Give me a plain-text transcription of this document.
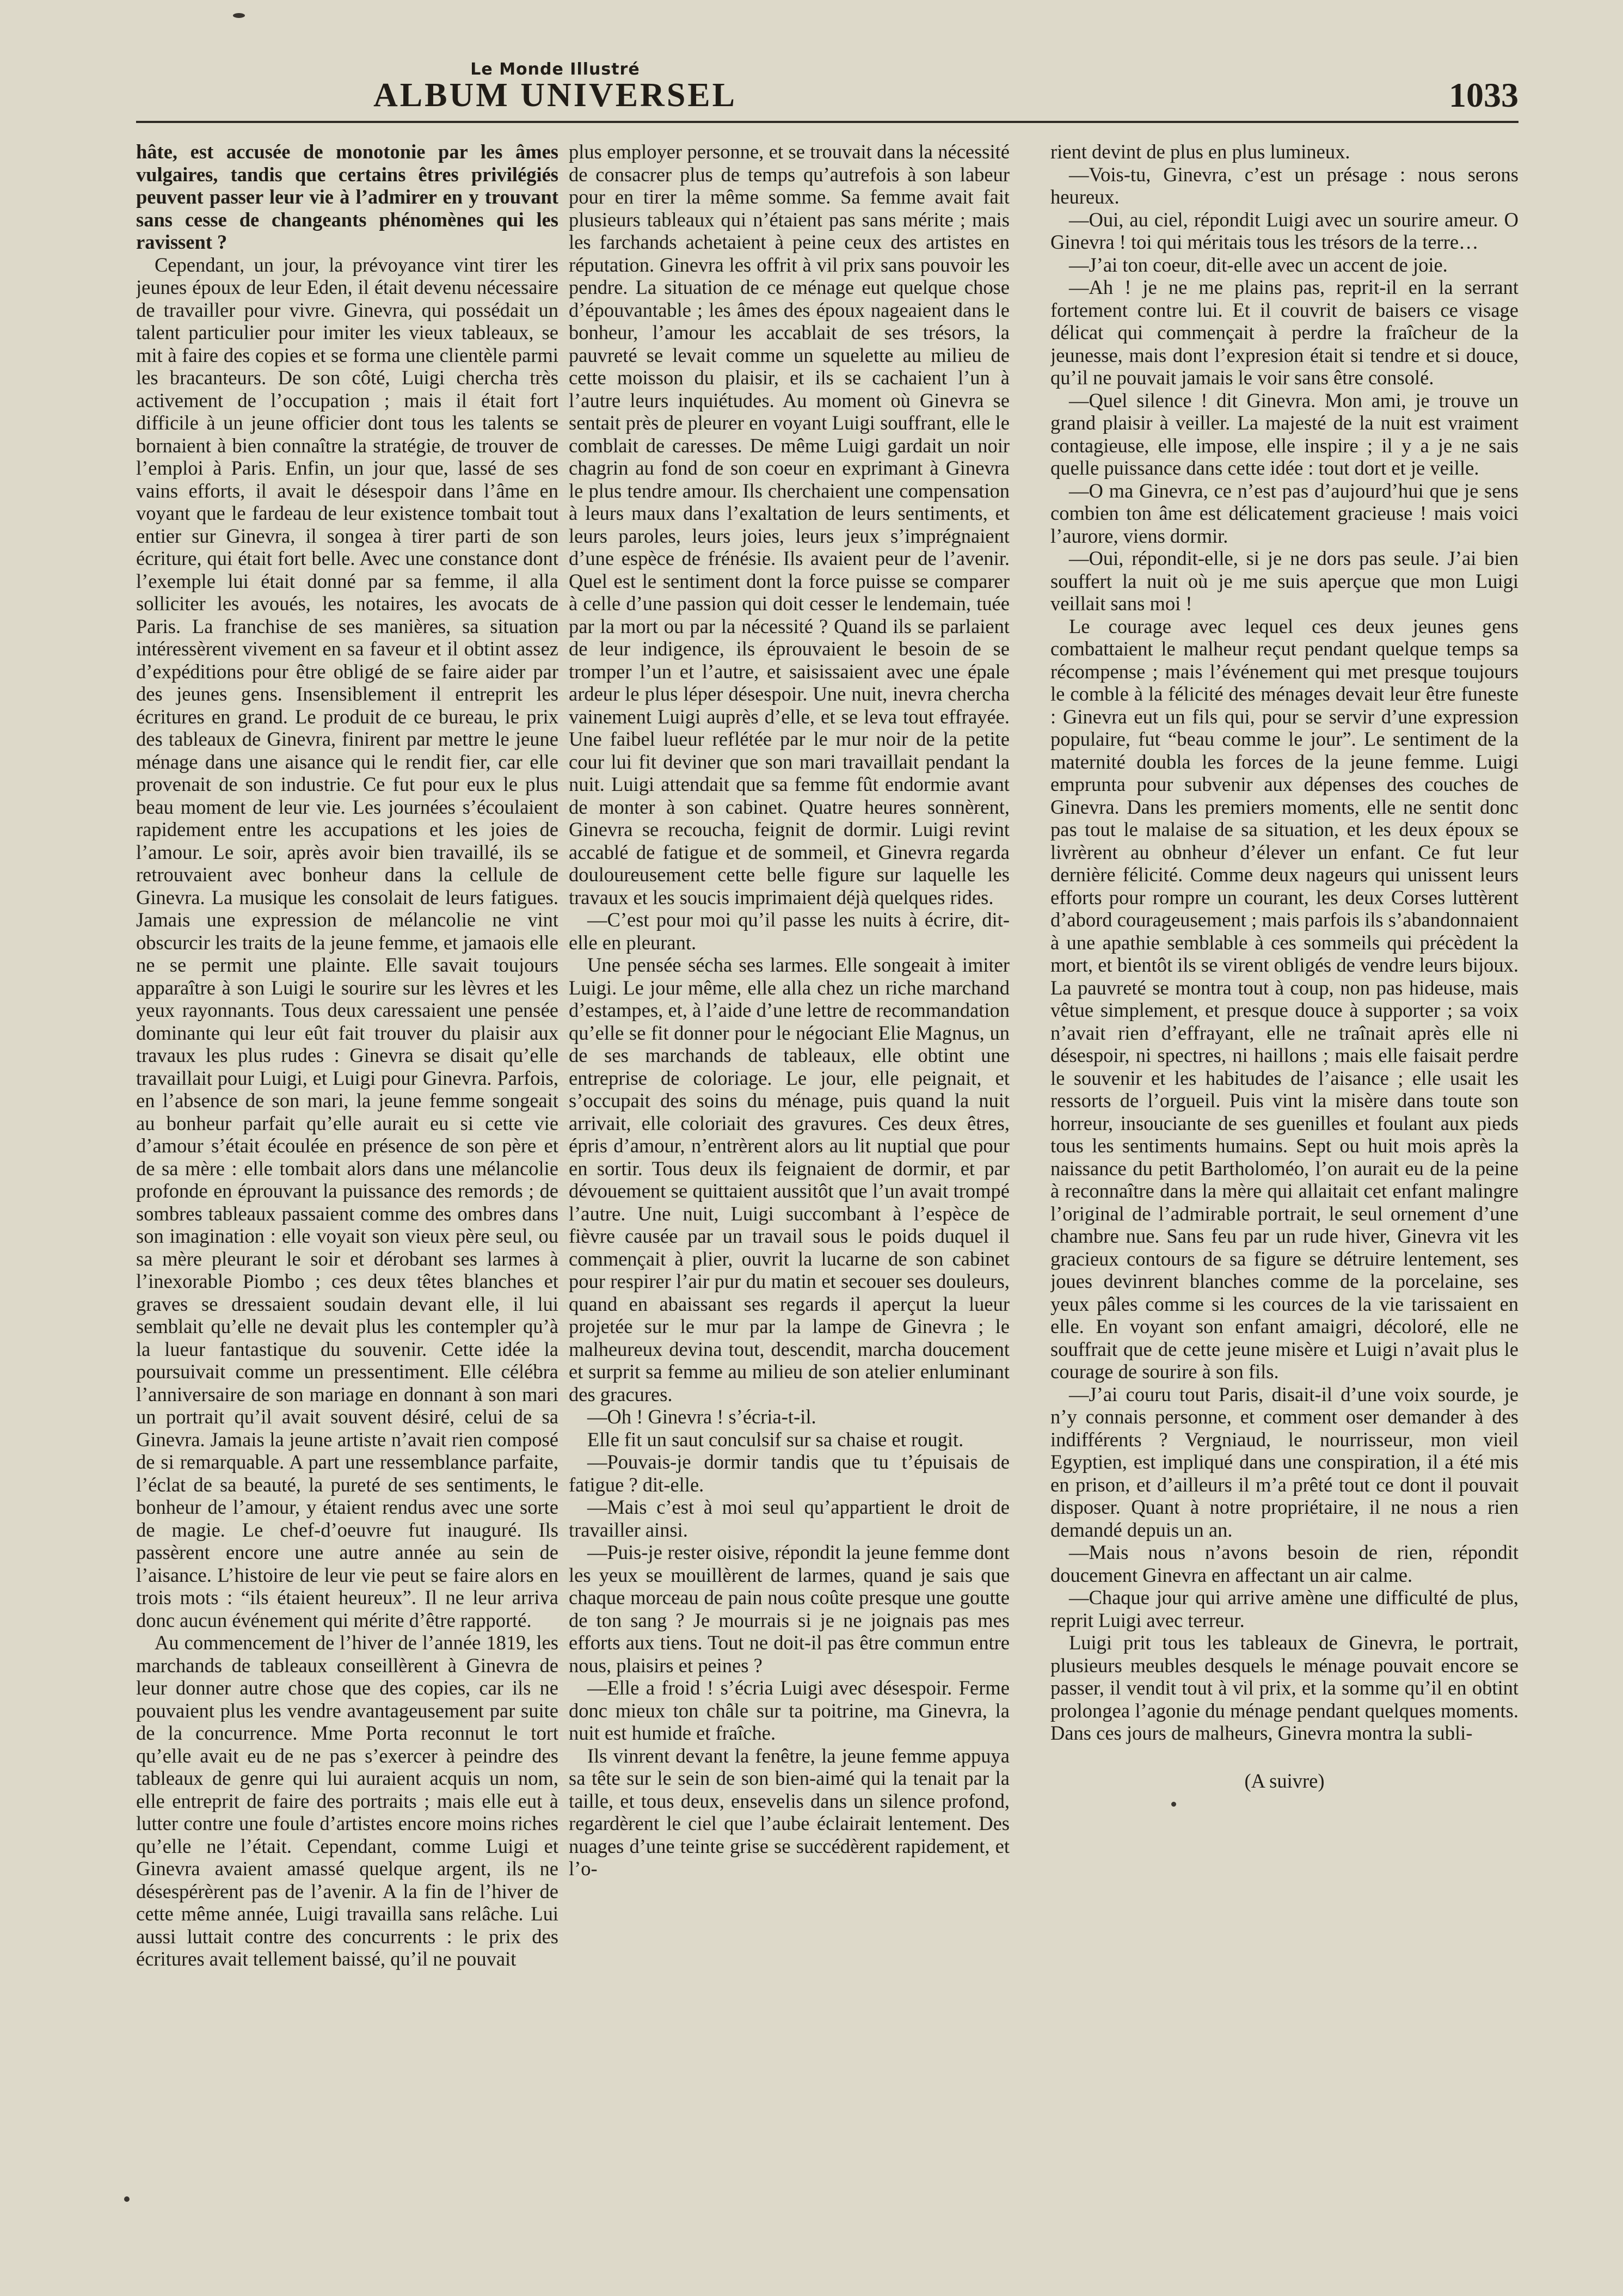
Le Monde Illustré
ALBUM UNIVERSEL	1033

hâte, est accusée de monotonie par les âmes vulgaires, tandis que certains êtres privilégiés peuvent passer leur vie à l’admirer en y trouvant sans cesse de changeants phénomènes qui les ravissent ?

Cependant, un jour, la prévoyance vint tirer les jeunes époux de leur Eden, il était devenu nécessaire de travailler pour vivre. Ginevra, qui possédait un talent particulier pour imiter les vieux tableaux, se mit à faire des copies et se forma une clientèle parmi les bracanteurs. De son côté, Luigi chercha très activement de l’occupation ; mais il était fort difficile à un jeune officier dont tous les talents se bornaient à bien connaître la stratégie, de trouver de l’emploi à Paris. Enfin, un jour que, lassé de ses vains efforts, il avait le désespoir dans l’âme en voyant que le fardeau de leur existence tombait tout entier sur Ginevra, il songea à tirer parti de son écriture, qui était fort belle. Avec une constance dont l’exemple lui était donné par sa femme, il alla solliciter les avoués, les notaires, les avocats de Paris. La franchise de ses manières, sa situation intéressèrent vivement en sa faveur et il obtint assez d’expéditions pour être obligé de se faire aider par des jeunes gens. Insensiblement il entreprit les écritures en grand. Le produit de ce bureau, le prix des tableaux de Ginevra, finirent par mettre le jeune ménage dans une aisance qui le rendit fier, car elle provenait de son industrie. Ce fut pour eux le plus beau moment de leur vie. Les journées s’écoulaient rapidement entre les accupations et les joies de l’amour. Le soir, après avoir bien travaillé, ils se retrouvaient avec bonheur dans la cellule de Ginevra. La musique les consolait de leurs fatigues. Jamais une expression de mélancolie ne vint obscurcir les traits de la jeune femme, et jamaois elle ne se permit une plainte. Elle savait toujours apparaître à son Luigi le sourire sur les lèvres et les yeux rayonnants. Tous deux caressaient une pensée dominante qui leur eût fait trouver du plaisir aux travaux les plus rudes : Ginevra se disait qu’elle travaillait pour Luigi, et Luigi pour Ginevra. Parfois, en l’absence de son mari, la jeune femme songeait au bonheur parfait qu’elle aurait eu si cette vie d’amour s’était écoulée en présence de son père et de sa mère : elle tombait alors dans une mélancolie profonde en éprouvant la puissance des remords ; de sombres tableaux passaient comme des ombres dans son imagination : elle voyait son vieux père seul, ou sa mère pleurant le soir et dérobant ses larmes à l’inexorable Piombo ; ces deux têtes blanches et graves se dressaient soudain devant elle, il lui semblait qu’elle ne devait plus les contempler qu’à la lueur fantastique du souvenir. Cette idée la poursuivait comme un pressentiment. Elle célébra l’anniversaire de son mariage en donnant à son mari un portrait qu’il avait souvent désiré, celui de sa Ginevra. Jamais la jeune artiste n’avait rien composé de si remarquable. A part une ressemblance parfaite, l’éclat de sa beauté, la pureté de ses sentiments, le bonheur de l’amour, y étaient rendus avec une sorte de magie. Le chef-d’oeuvre fut inauguré. Ils passèrent encore une autre année au sein de l’aisance. L’histoire de leur vie peut se faire alors en trois mots : “ils étaient heureux”. Il ne leur arriva donc aucun événement qui mérite d’être rapporté.

Au commencement de l’hiver de l’année 1819, les marchands de tableaux conseillèrent à Ginevra de leur donner autre chose que des copies, car ils ne pouvaient plus les vendre avantageusement par suite de la concurrence. Mme Porta reconnut le tort qu’elle avait eu de ne pas s’exercer à peindre des tableaux de genre qui lui auraient acquis un nom, elle entreprit de faire des portraits ; mais elle eut à lutter contre une foule d’artistes encore moins riches qu’elle ne l’était. Cependant, comme Luigi et Ginevra avaient amassé quelque argent, ils ne désespérèrent pas de l’avenir. A la fin de l’hiver de cette même année, Luigi travailla sans relâche. Lui aussi luttait contre des concurrents : le prix des écritures avait tellement baissé, qu’il ne pouvait

plus employer personne, et se trouvait dans la nécessité de consacrer plus de temps qu’autrefois à son labeur pour en tirer la même somme. Sa femme avait fait plusieurs tableaux qui n’étaient pas sans mérite ; mais les farchands achetaient à peine ceux des artistes en réputation. Ginevra les offrit à vil prix sans pouvoir les pendre. La situation de ce ménage eut quelque chose d’épouvantable ; les âmes des époux nageaient dans le bonheur, l’amour les accablait de ses trésors, la pauvreté se levait comme un squelette au milieu de cette moisson du plaisir, et ils se cachaient l’un à l’autre leurs inquiétudes. Au moment où Ginevra se sentait près de pleurer en voyant Luigi souffrant, elle le comblait de caresses. De même Luigi gardait un noir chagrin au fond de son coeur en exprimant à Ginevra le plus tendre amour. Ils cherchaient une compensation à leurs maux dans l’exaltation de leurs sentiments, et leurs paroles, leurs joies, leurs jeux s’imprégnaient d’une espèce de frénésie. Ils avaient peur de l’avenir. Quel est le sentiment dont la force puisse se comparer à celle d’une passion qui doit cesser le lendemain, tuée par la mort ou par la nécessité ? Quand ils se parlaient de leur indigence, ils éprouvaient le besoin de se tromper l’un et l’autre, et saisissaient avec une épale ardeur le plus léper désespoir. Une nuit, inevra chercha vainement Luigi auprès d’elle, et se leva tout effrayée. Une faibel lueur reflétée par le mur noir de la petite cour lui fit deviner que son mari travaillait pendant la nuit. Luigi attendait que sa femme fût endormie avant de monter à son cabinet. Quatre heures sonnèrent, Ginevra se recoucha, feignit de dormir. Luigi revint accablé de fatigue et de sommeil, et Ginevra regarda douloureusement cette belle figure sur laquelle les travaux et les soucis imprimaient déjà quelques rides.

—C’est pour moi qu’il passe les nuits à écrire, dit-elle en pleurant.

Une pensée sécha ses larmes. Elle songeait à imiter Luigi. Le jour même, elle alla chez un riche marchand d’estampes, et, à l’aide d’une lettre de recommandation qu’elle se fit donner pour le négociant Elie Magnus, un de ses marchands de tableaux, elle obtint une entreprise de coloriage. Le jour, elle peignait, et s’occupait des soins du ménage, puis quand la nuit arrivait, elle coloriait des gravures. Ces deux êtres, épris d’amour, n’entrèrent alors au lit nuptial que pour en sortir. Tous deux ils feignaient de dormir, et par dévouement se quittaient aussitôt que l’un avait trompé l’autre. Une nuit, Luigi succombant à l’espèce de fièvre causée par un travail sous le poids duquel il commençait à plier, ouvrit la lucarne de son cabinet pour respirer l’air pur du matin et secouer ses douleurs, quand en abaissant ses regards il aperçut la lueur projetée sur le mur par la lampe de Ginevra ; le malheureux devina tout, descendit, marcha doucement et surprit sa femme au milieu de son atelier enluminant des gracures.

—Oh ! Ginevra ! s’écria-t-il.

Elle fit un saut conculsif sur sa chaise et rougit.

—Pouvais-je dormir tandis que tu t’épuisais de fatigue ? dit-elle.

—Mais c’est à moi seul qu’appartient le droit de travailler ainsi.

—Puis-je rester oisive, répondit la jeune femme dont les yeux se mouillèrent de larmes, quand je sais que chaque morceau de pain nous coûte presque une goutte de ton sang ? Je mourrais si je ne joignais pas mes efforts aux tiens. Tout ne doit-il pas être commun entre nous, plaisirs et peines ?

—Elle a froid ! s’écria Luigi avec désespoir. Ferme donc mieux ton châle sur ta poitrine, ma Ginevra, la nuit est humide et fraîche.

Ils vinrent devant la fenêtre, la jeune femme appuya sa tête sur le sein de son bien-aimé qui la tenait par la taille, et tous deux, ensevelis dans un silence profond, regardèrent le ciel que l’aube éclairait lentement. Des nuages d’une teinte grise se succédèrent rapidement, et l’o-

rient devint de plus en plus lumineux.

—Vois-tu, Ginevra, c’est un présage : nous serons heureux.

—Oui, au ciel, répondit Luigi avec un sourire ameur. O Ginevra ! toi qui méritais tous les trésors de la terre…

—J’ai ton coeur, dit-elle avec un accent de joie.

—Ah ! je ne me plains pas, reprit-il en la serrant fortement contre lui. Et il couvrit de baisers ce visage délicat qui commençait à perdre la fraîcheur de la jeunesse, mais dont l’expresion était si tendre et si douce, qu’il ne pouvait jamais le voir sans être consolé.

—Quel silence ! dit Ginevra. Mon ami, je trouve un grand plaisir à veiller. La majesté de la nuit est vraiment contagieuse, elle impose, elle inspire ; il y a je ne sais quelle puissance dans cette idée : tout dort et je veille.

—O ma Ginevra, ce n’est pas d’aujourd’hui que je sens combien ton âme est délicatement gracieuse ! mais voici l’aurore, viens dormir.

—Oui, répondit-elle, si je ne dors pas seule. J’ai bien souffert la nuit où je me suis aperçue que mon Luigi veillait sans moi !

Le courage avec lequel ces deux jeunes gens combattaient le malheur reçut pendant quelque temps sa récompense ; mais l’événement qui met presque toujours le comble à la félicité des ménages devait leur être funeste : Ginevra eut un fils qui, pour se servir d’une expression populaire, fut “beau comme le jour”. Le sentiment de la maternité doubla les forces de la jeune femme. Luigi emprunta pour subvenir aux dépenses des couches de Ginevra. Dans les premiers moments, elle ne sentit donc pas tout le malaise de sa situation, et les deux époux se livrèrent au obnheur d’élever un enfant. Ce fut leur dernière félicité. Comme deux nageurs qui unissent leurs efforts pour rompre un courant, les deux Corses luttèrent d’abord courageusement ; mais parfois ils s’abandonnaient à une apathie semblable à ces sommeils qui précèdent la mort, et bientôt ils se virent obligés de vendre leurs bijoux. La pauvreté se montra tout à coup, non pas hideuse, mais vêtue simplement, et presque douce à supporter ; sa voix n’avait rien d’effrayant, elle ne traînait après elle ni désespoir, ni spectres, ni haillons ; mais elle faisait perdre le souvenir et les habitudes de l’aisance ; elle usait les ressorts de l’orgueil. Puis vint la misère dans toute son horreur, insouciante de ses guenilles et foulant aux pieds tous les sentiments humains. Sept ou huit mois après la naissance du petit Bartholoméo, l’on aurait eu de la peine à reconnaître dans la mère qui allaitait cet enfant malingre l’original de l’admirable portrait, le seul ornement d’une chambre nue. Sans feu par un rude hiver, Ginevra vit les gracieux contours de sa figure se détruire lentement, ses joues devinrent blanches comme de la porcelaine, ses yeux pâles comme si les cources de la vie tarissaient en elle. En voyant son enfant amaigri, décoloré, elle ne souffrait que de cette jeune misère et Luigi n’avait plus le courage de sourire à son fils.

—J’ai couru tout Paris, disait-il d’une voix sourde, je n’y connais personne, et comment oser demander à des indifférents ? Vergniaud, le nourrisseur, mon vieil Egyptien, est impliqué dans une conspiration, il a été mis en prison, et d’ailleurs il m’a prêté tout ce dont il pouvait disposer. Quant à notre propriétaire, il ne nous a rien demandé depuis un an.

—Mais nous n’avons besoin de rien, répondit doucement Ginevra en affectant un air calme.

—Chaque jour qui arrive amène une difficulté de plus, reprit Luigi avec terreur.

Luigi prit tous les tableaux de Ginevra, le portrait, plusieurs meubles desquels le ménage pouvait encore se passer, il vendit tout à vil prix, et la somme qu’il en obtint prolongea l’agonie du ménage pendant quelques moments. Dans ces jours de malheurs, Ginevra montra la subli-

(A suivre)
